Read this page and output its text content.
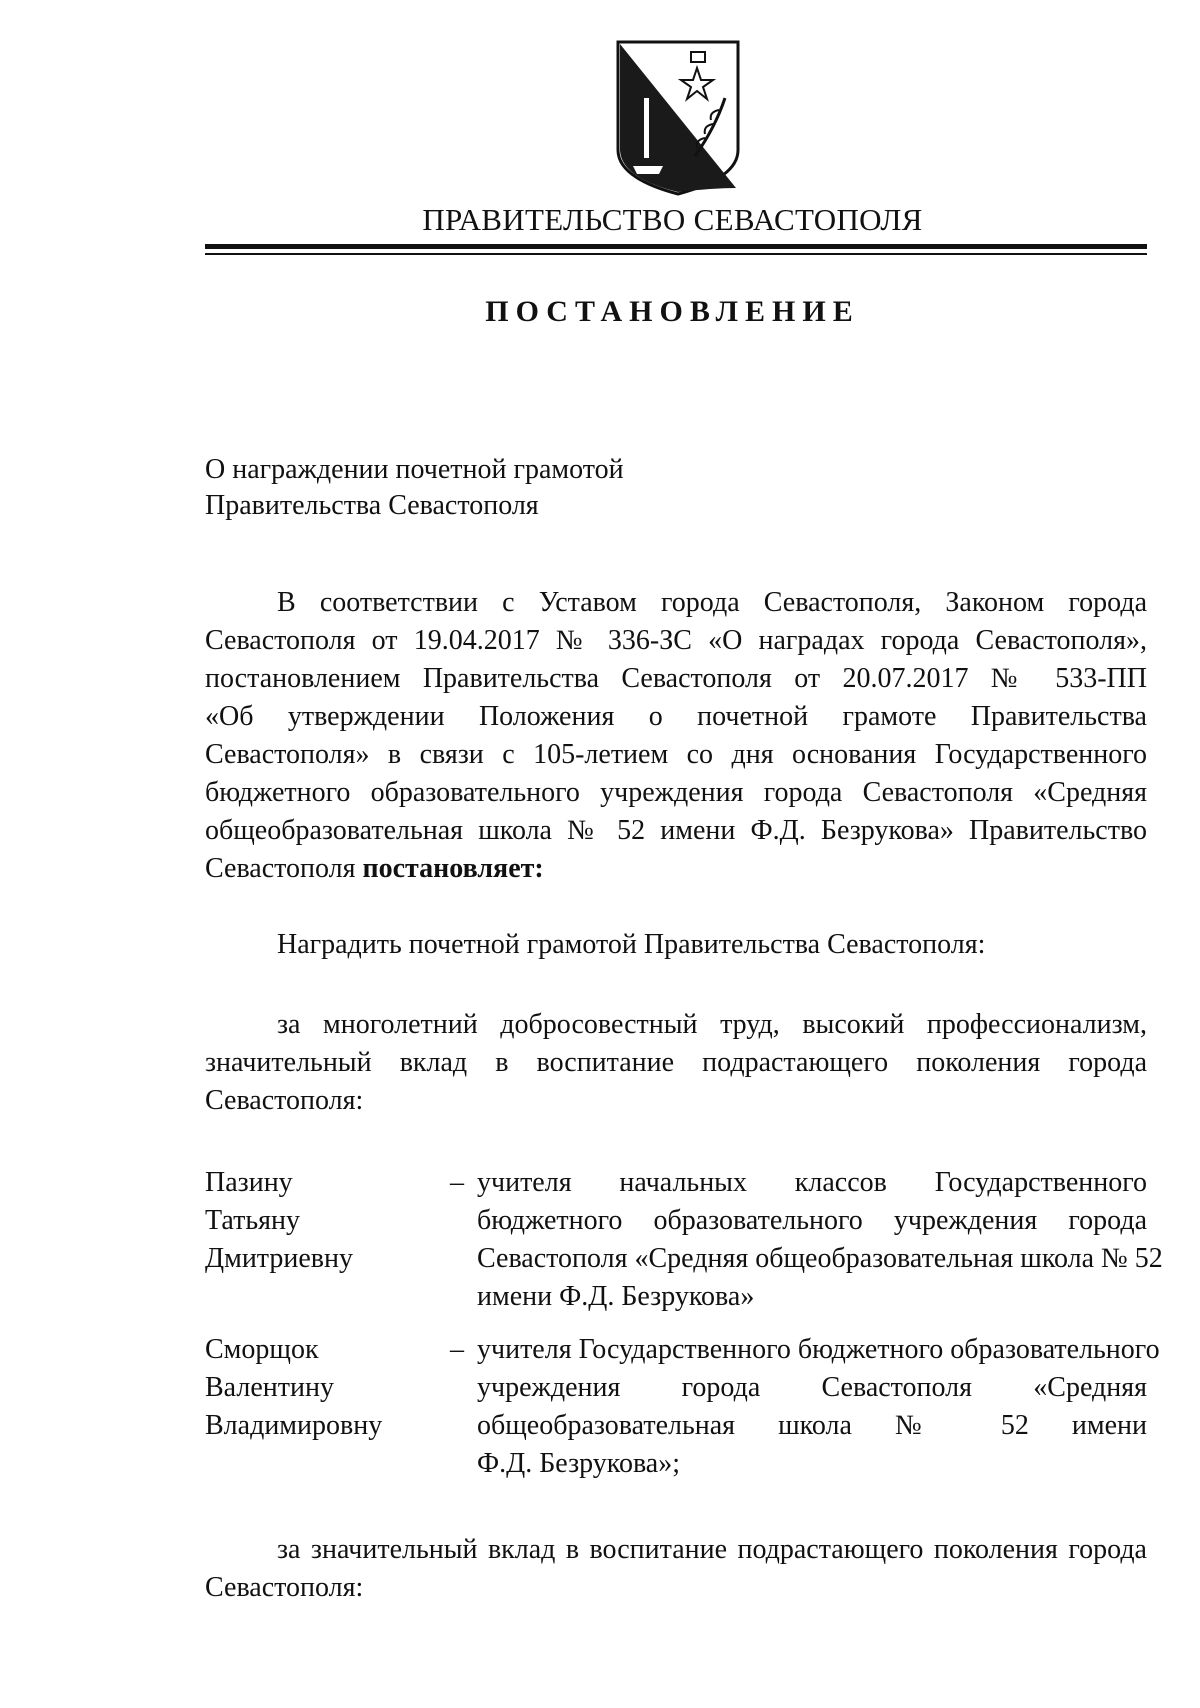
ПРАВИТЕЛЬСТВО СЕВАСТОПОЛЯ
ПОСТАНОВЛЕНИЕ
О награждении почетной грамотой
Правительства Севастополя
В соответствии с Уставом города Севастополя, Законом города
Севастополя от 19.04.2017 № 336-ЗС «О наградах города Севастополя»,
постановлением Правительства Севастополя от 20.07.2017 № 533-ПП
«Об утверждении Положения о почетной грамоте Правительства
Севастополя» в связи с 105-летием со дня основания Государственного
бюджетного образовательного учреждения города Севастополя «Средняя
общеобразовательная школа № 52 имени Ф.Д. Безрукова» Правительство
Севастополя постановляет:
Наградить почетной грамотой Правительства Севастополя:
за многолетний добросовестный труд, высокий профессионализм,
значительный вклад в воспитание подрастающего поколения города
Севастополя:
Пазину
Татьяну
Дмитриевну
– учителя начальных классов Государственного
бюджетного образовательного учреждения города
Севастополя «Средняя общеобразовательная школа № 52
имени Ф.Д. Безрукова»
Сморщок
Валентину
Владимировну
– учителя Государственного бюджетного образовательного
учреждения города Севастополя «Средняя
общеобразовательная школа № 52 имени
Ф.Д. Безрукова»;
за значительный вклад в воспитание подрастающего поколения города
Севастополя:
